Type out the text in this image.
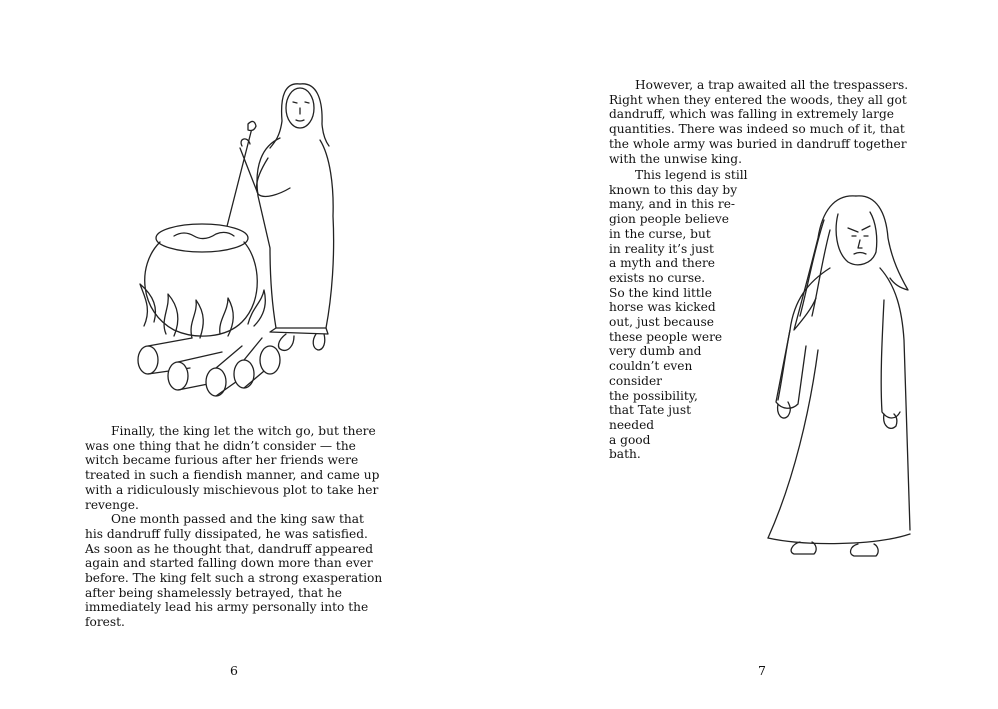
Finally, the king let the witch go, but there was one thing that he didn’t consider — the witch became furious after her friends were treated in such a fiendish manner, and came up with a ridiculously mischievous plot to take her revenge.

One month passed and the king saw that his dandruff fully dissipated, he was satisfied. As soon as he thought that, dandruff appeared again and started falling down more than ever before. The king felt such a strong exasperation after being shamelessly betrayed, that he immediately lead his army personally into the forest.

6

However, a trap awaited all the trespassers. Right when they entered the woods, they all got dandruff, which was falling in extremely large quantities. There was indeed so much of it, that the whole army was buried in dandruff together with the unwise king.

This legend is still
known to this day by
many, and in this re-
gion people believe
in the curse, but
in reality it’s just
a myth and there
exists no curse.
So the kind little
horse was kicked
out, just because
these people were
very dumb and
couldn’t even
consider
the possibility,
that Tate just
needed
a good
bath.
7
